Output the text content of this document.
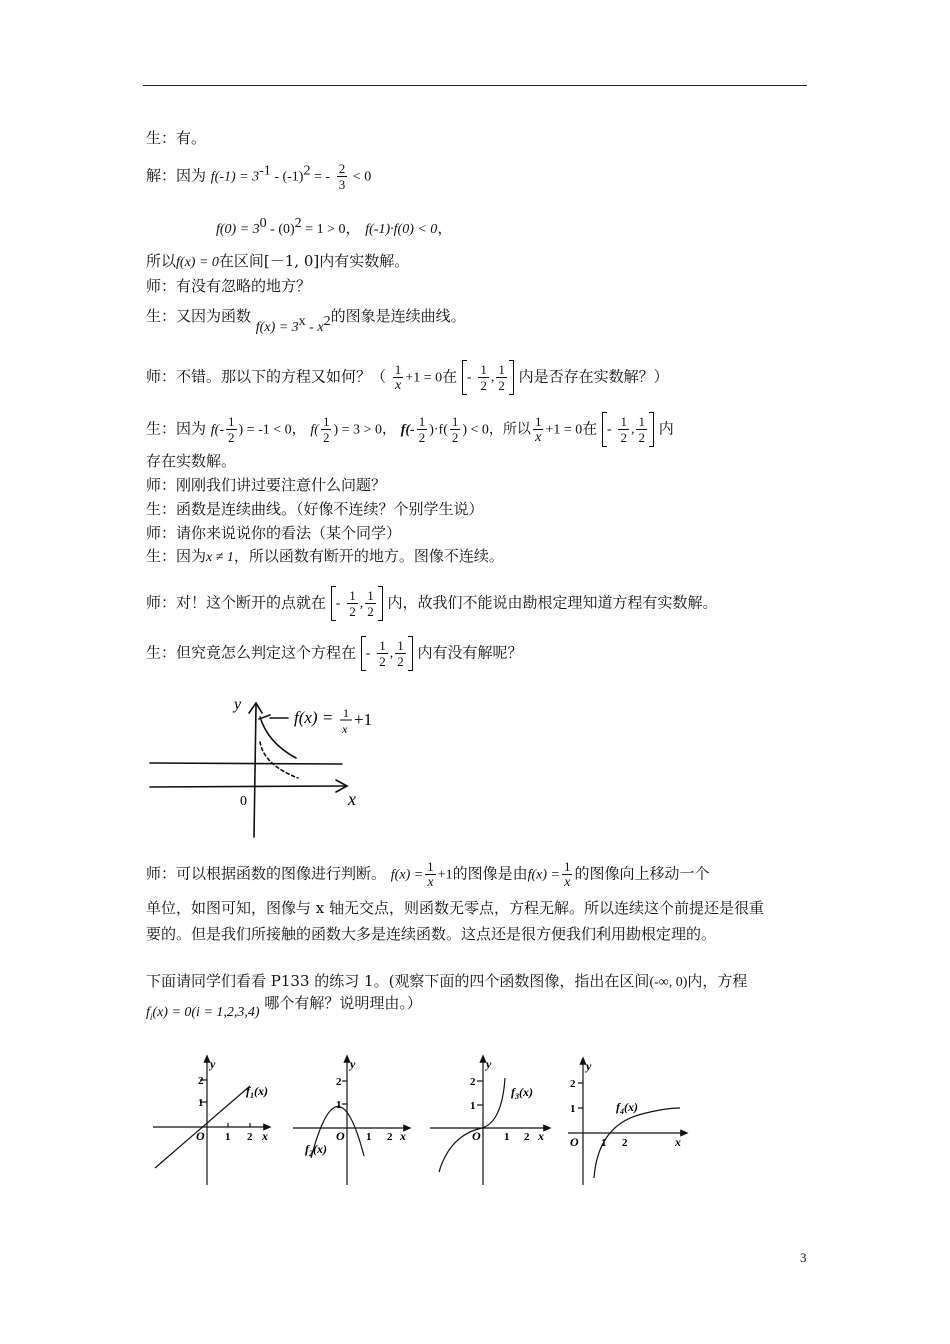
生：有。
解：因为 $f(-1) = 3^{-1} - (-1)^2$ = - $\frac{2}{3} < 0$
$f(0) = 3^0 - (0)^2 = 1 > 0$， f(-1)·f(0) < 0，
所以f(x) = 0在区间[－1, 0]内有实数解。
师：有没有忽略的地方？
生：又因为函数 $f(x) = 3^x - x^2$的图象是连续曲线。
师：不错。那以下的方程又如何？（ $\frac{1}{x} +1 = 0$在 -
$\frac{1}{2}$ , $\frac{1}{2}$ 内是否存在实数解？）
生：因为 $f(- \frac{1}{2}$ ) = -1 < 0， $f( \frac{1}{2}$ ) = 3 > 0， $f(- \frac{1}{2} )\cdot f( \frac{1}{2}$ ) < 0，所以 $\frac{1}{x} +1 = 0$在 -
$\frac{1}{2}$ , $\frac{1}{2}$ 内
存在实数解。
师：刚刚我们讲过要注意什么问题？
生：函数是连续曲线。（好像不连续？个别学生说）
师：请你来说说你的看法（某个同学）
生：因为x ≠ 1，所以函数有断开的地方。图像不连续。
师：对！这个断开的点就在 -
$\frac{1}{2}$ , $\frac{1}{2}$ 内，故我们不能说由勘根定理知道方程有实数解。
生：但究竟怎么判定这个方程在 -
$\frac{1}{2}$ , $\frac{1}{2}$ 内有没有解呢？
y
x
0
f(x) = 1
x +1
师：可以根据函数的图像进行判断。 $f(x) = \frac{1}{x} +1$的图像是由$f(x) = \frac{1}{x}$ 的图像向上移动一个
单位，如图可知，图像与 x 轴无交点，则函数无零点，方程无解。所以连续这个前提还是很重
要的。但是我们所接触的函数大多是连续函数。这点还是很方便我们利用勘根定理的。
下面请同学们看看 P133 的练习 1。(观察下面的四个函数图像，指出在区间(-∞, 0)内，方程
$f_i(x) = 0(i = 1,2,3,4)$ 哪个有解？说明理由。）
y
x
O
$f_1(x)$
y
x
O
$f_2(x)$
y
x
O
$f_3(x)$
y
x
O
$f_4(x)$
2
1
1 2
2
1
1 2
2
1
1 2
2
1
1 2
3
